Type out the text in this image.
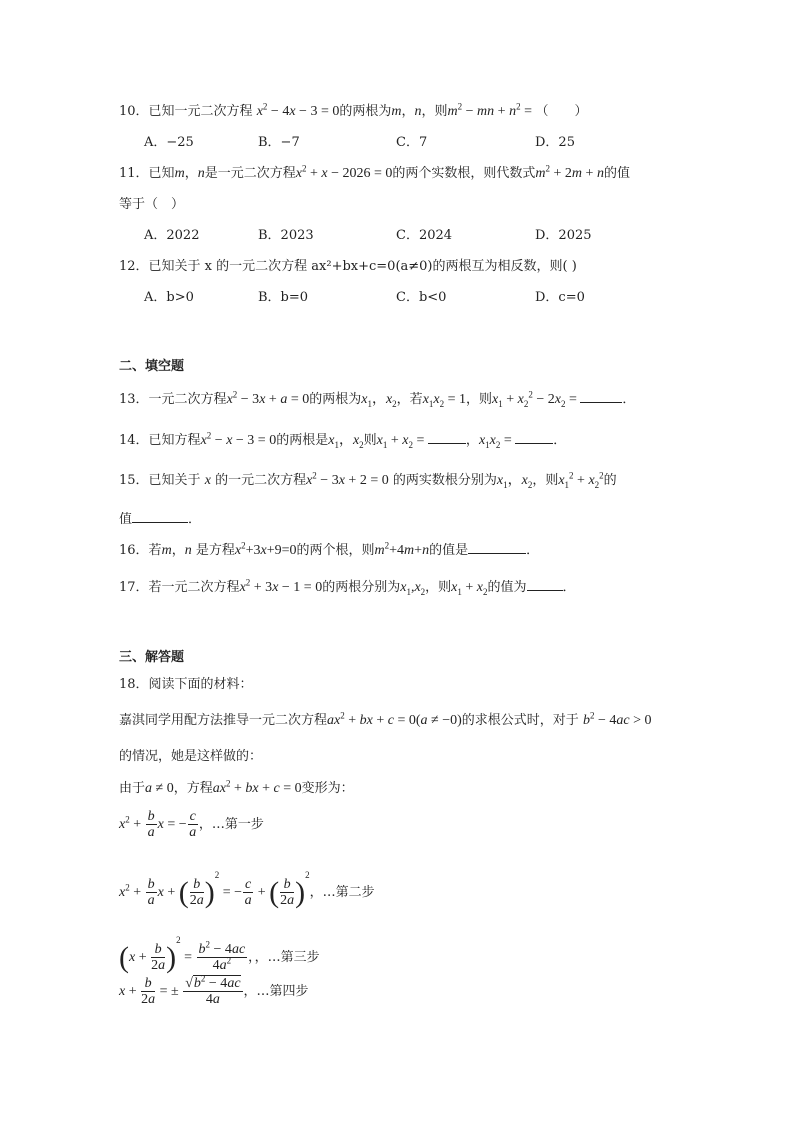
10．已知一元二次方程 $x^2 - 4x - 3 = 0$的两根为m，n，则$m^2$ − mn + $n^2$ = （　　）
A．−25	B．−7	C．7	D．25
11．已知m，n是一元二次方程$x^2 + x - 2026 = 0$的两个实数根，则代数式$m^2 + 2m + n$的值
等于（　）
A．2022	B．2023	C．2024	D．2025
12．已知关于 x 的一元二次方程 ax²+bx+c=0(a≠0)的两根互为相反数，则( )
A．b>0	B．b=0	C．b<0	D．c=0
二、填空题
13．一元二次方程$x^2 - 3x + a = 0$的两根为$x_1$，$x_2$，若$x_1x_2 = 1$，则$x_1 + x_2^2 - 2x_2$ =	．
14．已知方程$x^2 - x - 3 = 0$的两根是$x_1$，$x_2$则$x_1 + x_2$ =	，$x_1x_2$ =	．
15．已知关于 x 的一元二次方程$x^2 - 3x + 2 = 0$ 的两实数根分别为$x_1$，$x_2$，则$x_1^2 + x_2^2$的
值	．
16．若m，n 是方程$x^2+3x+9=0$的两个根，则$m^2+4m+n$的值是	．
17．若一元二次方程$x^2 + 3x - 1 = 0$的两根分别为$x_1,x_2$，则$x_1 + x_2$的值为	．
三、解答题
18．阅读下面的材料：
嘉淇同学用配方法推导一元二次方程$ax^2$ + bx + c = 0(a ≠ −0)的求根公式时，对于 $b^2 - 4ac > 0$
的情况，她是这样做的：
由于a ≠ 0，方程$ax^2$ + bx + c = 0变形为：
$x^2 + \frac{b}{a}$ x = − $\frac{c}{a}$ ，…第一步
$x^2 + \frac{b}{a}$ x + ( $\frac{b}{2a} )^2$ = − $\frac{c}{a}$ + ( $\frac{b}{2a} )^2$，…第二步
$(x + \frac{b}{2a} )^2 = \frac{b^2 - 4ac}{4a^2}$ ，，…第三步
$x + \frac{b}{2a}$ = ± $\frac{√b^2 - 4ac}{4a}$ ，…第四步
